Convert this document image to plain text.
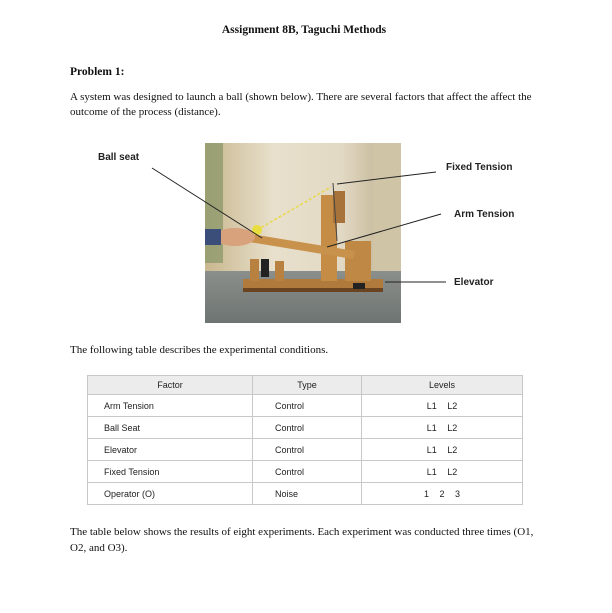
Assignment 8B, Taguchi Methods
Problem 1:
A system was designed to launch a ball (shown below). There are several factors that affect the affect the outcome of the process (distance).
Ball seat
Fixed Tension
Arm Tension
Elevator
The following table describes the experimental conditions.
Factor	Type	Levels
Arm Tension	Control	L1 L2
Ball Seat	Control	L1 L2
Elevator	Control	L1 L2
Fixed Tension	Control	L1 L2
Operator (O)	Noise	1 2 3
The table below shows the results of eight experiments. Each experiment was conducted three times (O1, O2, and O3).
